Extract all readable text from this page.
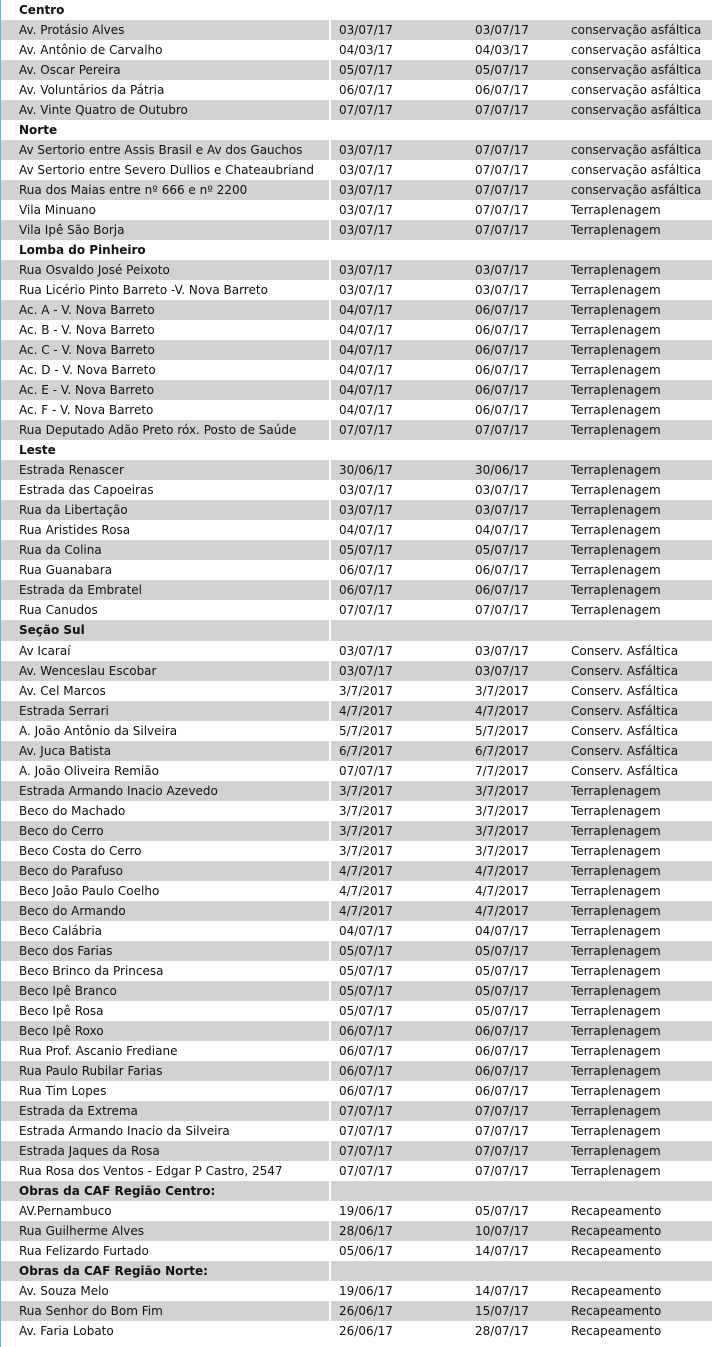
Centro
Av. Protásio Alves	03/07/17	03/07/17	conservação asfáltica
Av. Antônio de Carvalho	04/03/17	04/03/17	conservação asfáltica
Av. Oscar Pereira	05/07/17	05/07/17	conservação asfáltica
Av. Voluntários da Pátria	06/07/17	06/07/17	conservação asfáltica
Av. Vinte Quatro de Outubro	07/07/17	07/07/17	conservação asfáltica
Norte
Av Sertorio entre Assis Brasil e Av dos Gauchos	03/07/17	07/07/17	conservação asfáltica
Av Sertorio entre Severo Dullios e Chateaubriand	03/07/17	07/07/17	conservação asfáltica
Rua dos Maias entre nº 666 e nº 2200	03/07/17	07/07/17	conservação asfáltica
Vila Minuano	03/07/17	07/07/17	Terraplenagem
Vila Ipê São Borja	03/07/17	07/07/17	Terraplenagem
Lomba do Pinheiro
Rua Osvaldo José Peixoto	03/07/17	03/07/17	Terraplenagem
Rua Licério Pinto Barreto -V. Nova Barreto	03/07/17	03/07/17	Terraplenagem
Ac. A - V. Nova Barreto	04/07/17	06/07/17	Terraplenagem
Ac. B - V. Nova Barreto	04/07/17	06/07/17	Terraplenagem
Ac. C - V. Nova Barreto	04/07/17	06/07/17	Terraplenagem
Ac. D - V. Nova Barreto	04/07/17	06/07/17	Terraplenagem
Ac. E - V. Nova Barreto	04/07/17	06/07/17	Terraplenagem
Ac. F - V. Nova Barreto	04/07/17	06/07/17	Terraplenagem
Rua Deputado Adão Preto róx. Posto de Saúde	07/07/17	07/07/17	Terraplenagem
Leste
Estrada Renascer	30/06/17	30/06/17	Terraplenagem
Estrada das Capoeiras	03/07/17	03/07/17	Terraplenagem
Rua da Libertação	03/07/17	03/07/17	Terraplenagem
Rua Aristides Rosa	04/07/17	04/07/17	Terraplenagem
Rua da Colina	05/07/17	05/07/17	Terraplenagem
Rua Guanabara	06/07/17	06/07/17	Terraplenagem
Estrada da Embratel	06/07/17	06/07/17	Terraplenagem
Rua Canudos	07/07/17	07/07/17	Terraplenagem
Seção Sul
Av Icaraí	03/07/17	03/07/17	Conserv. Asfáltica
Av. Wenceslau Escobar	03/07/17	03/07/17	Conserv. Asfáltica
Av. Cel Marcos	3/7/2017	3/7/2017	Conserv. Asfáltica
Estrada Serrari	4/7/2017	4/7/2017	Conserv. Asfáltica
A. João Antônio da Silveira	5/7/2017	5/7/2017	Conserv. Asfáltica
Av. Juca Batista	6/7/2017	6/7/2017	Conserv. Asfáltica
A. João Oliveira Remião	07/07/17	7/7/2017	Conserv. Asfáltica
Estrada Armando Inacio Azevedo	3/7/2017	3/7/2017	Terraplenagem
Beco do Machado	3/7/2017	3/7/2017	Terraplenagem
Beco do Cerro	3/7/2017	3/7/2017	Terraplenagem
Beco Costa do Cerro	3/7/2017	3/7/2017	Terraplenagem
Beco do Parafuso	4/7/2017	4/7/2017	Terraplenagem
Beco João Paulo Coelho	4/7/2017	4/7/2017	Terraplenagem
Beco do Armando	4/7/2017	4/7/2017	Terraplenagem
Beco Calábria	04/07/17	04/07/17	Terraplenagem
Beco dos Farias	05/07/17	05/07/17	Terraplenagem
Beco Brinco da Princesa	05/07/17	05/07/17	Terraplenagem
Beco Ipê Branco	05/07/17	05/07/17	Terraplenagem
Beco Ipê Rosa	05/07/17	05/07/17	Terraplenagem
Beco Ipê Roxo	06/07/17	06/07/17	Terraplenagem
Rua Prof. Ascanio Frediane	06/07/17	06/07/17	Terraplenagem
Rua Paulo Rubilar Farias	06/07/17	06/07/17	Terraplenagem
Rua Tim Lopes	06/07/17	06/07/17	Terraplenagem
Estrada da Extrema	07/07/17	07/07/17	Terraplenagem
Estrada Armando Inacio da Silveira	07/07/17	07/07/17	Terraplenagem
Estrada Jaques da Rosa	07/07/17	07/07/17	Terraplenagem
Rua Rosa dos Ventos - Edgar P Castro, 2547	07/07/17	07/07/17	Terraplenagem
Obras da CAF Região Centro:
AV.Pernambuco	19/06/17	05/07/17	Recapeamento
Rua Guilherme Alves	28/06/17	10/07/17	Recapeamento
Rua Felizardo Furtado	05/06/17	14/07/17	Recapeamento
Obras da CAF Região Norte:
Av. Souza Melo	19/06/17	14/07/17	Recapeamento
Rua Senhor do Bom Fim	26/06/17	15/07/17	Recapeamento
Av. Faria Lobato	26/06/17	28/07/17	Recapeamento
